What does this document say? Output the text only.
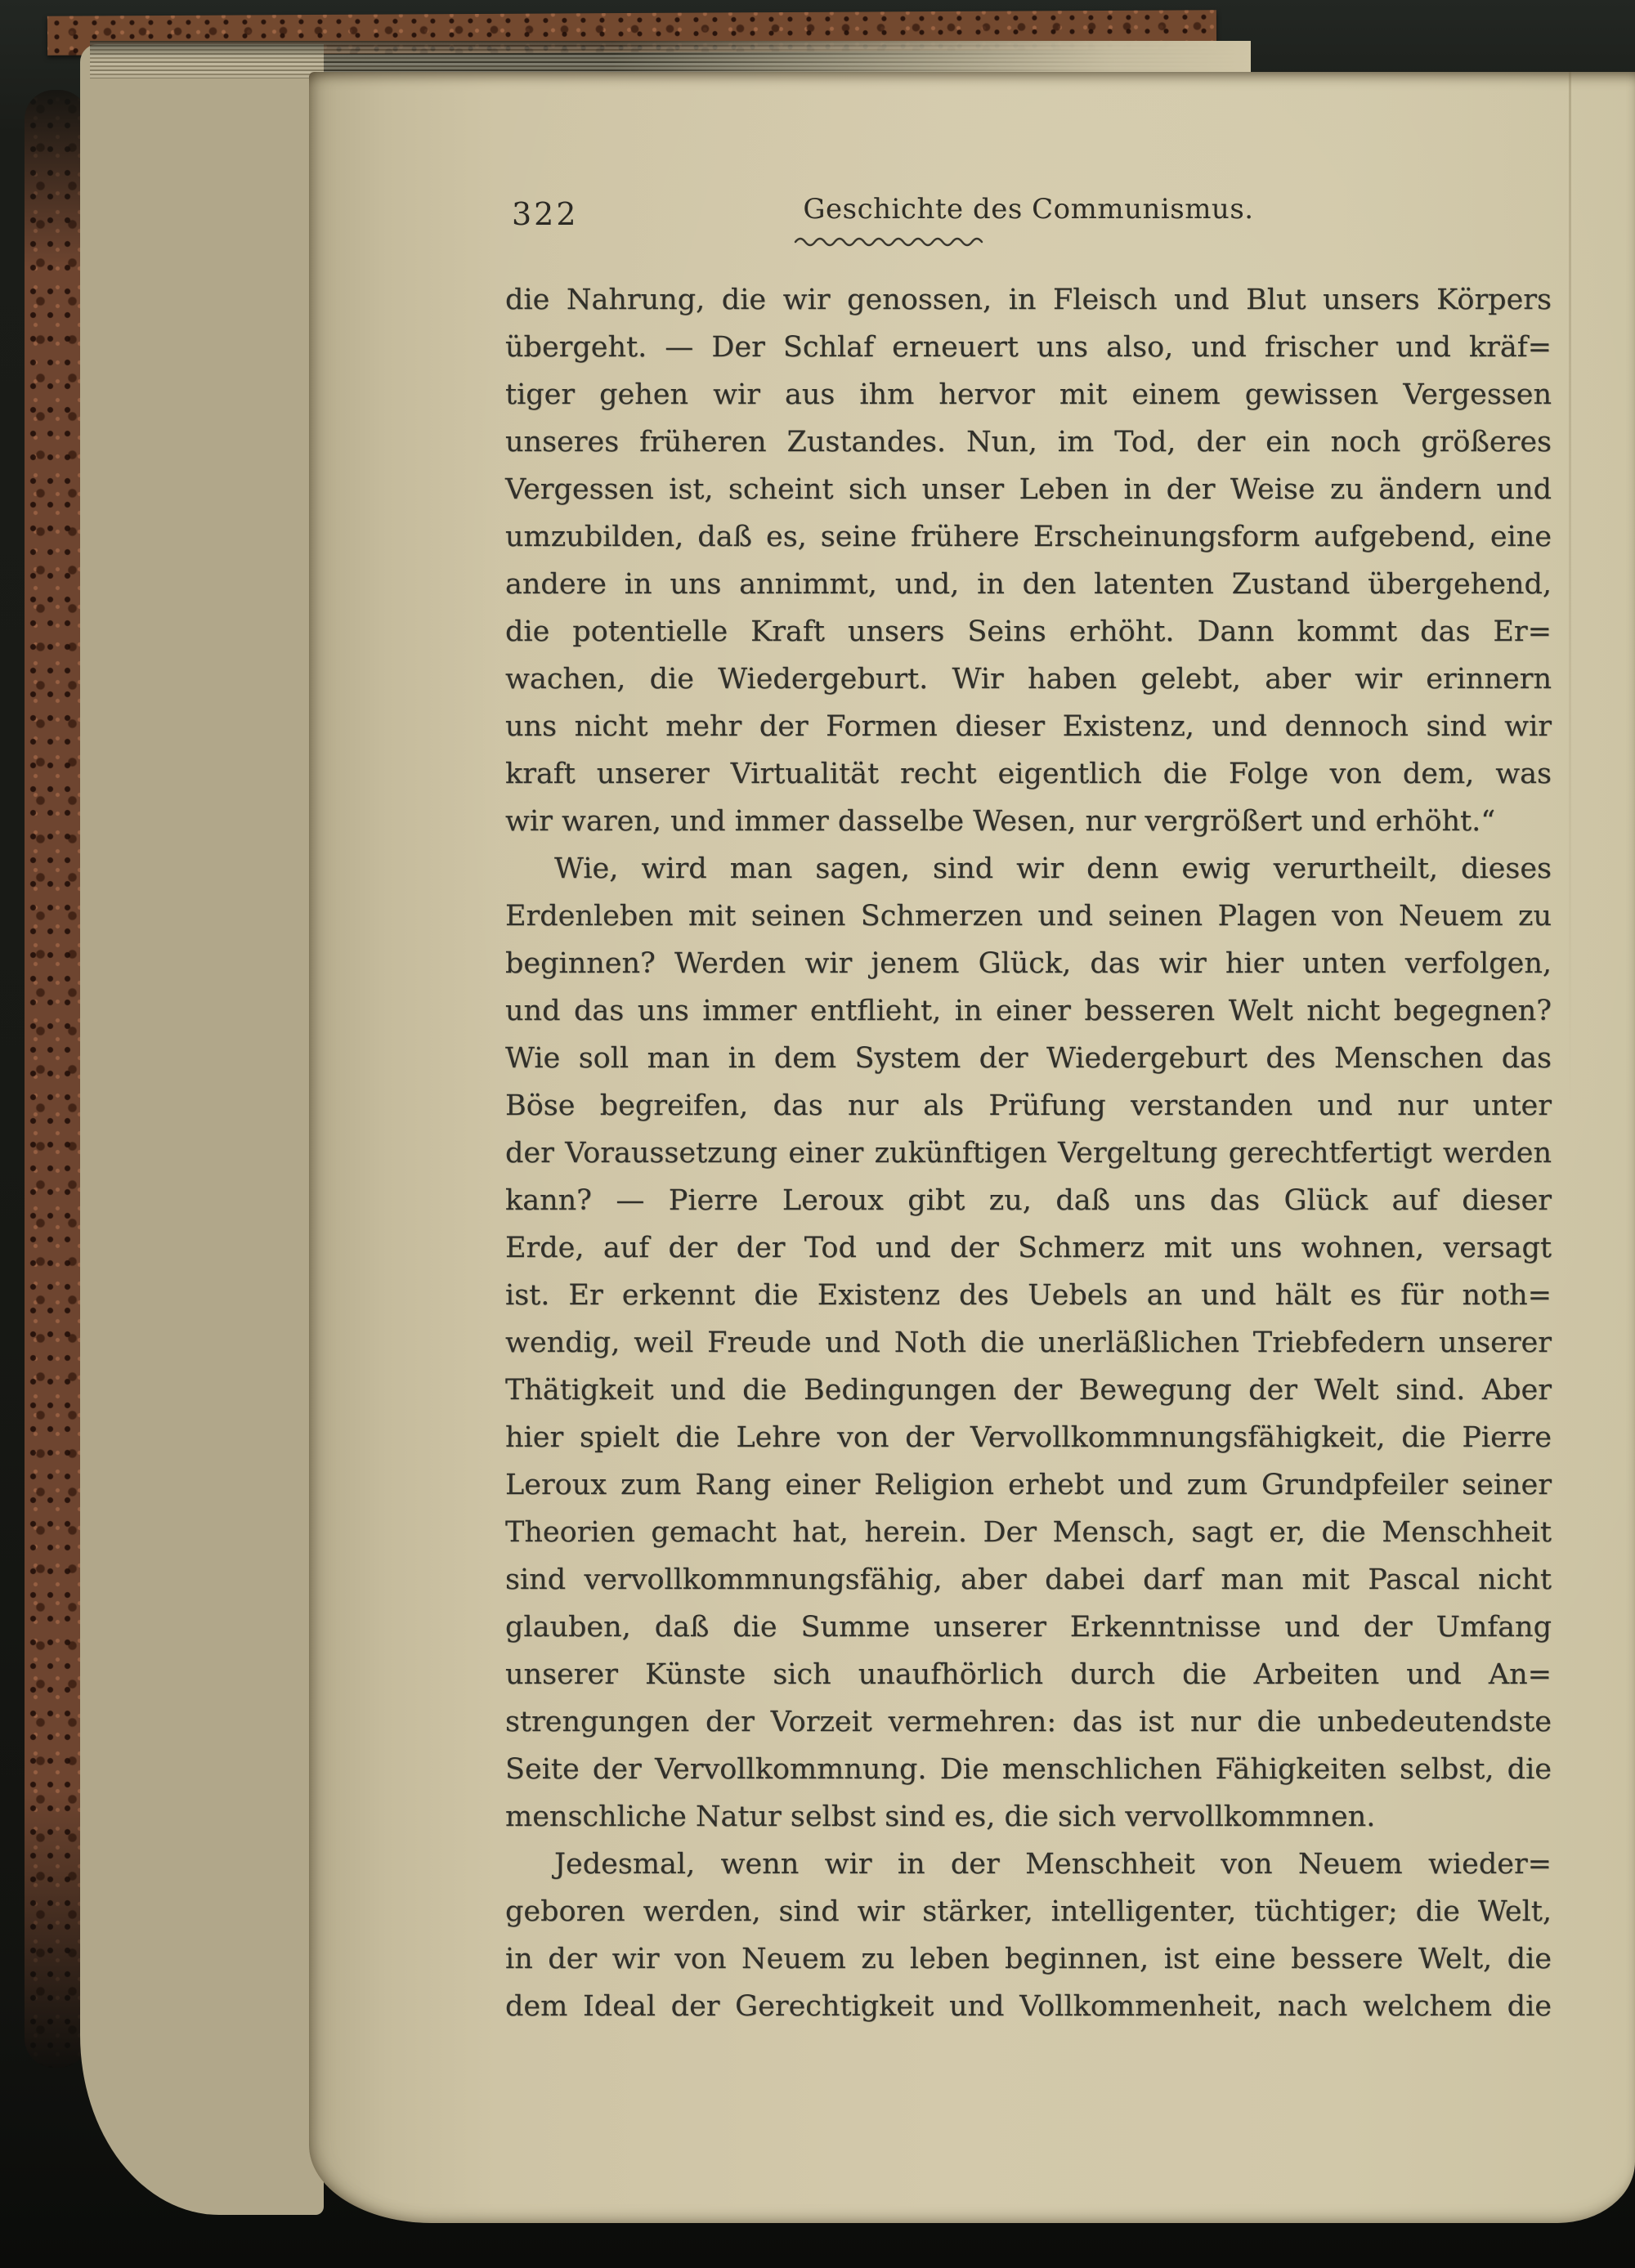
322	Geschichte des Communismus.
die Nahrung, die wir genossen, in Fleisch und Blut unsers Körpers
übergeht. — Der Schlaf erneuert uns also, und frischer und kräf=
tiger gehen wir aus ihm hervor mit einem gewissen Vergessen
unseres früheren Zustandes. Nun, im Tod, der ein noch größeres
Vergessen ist, scheint sich unser Leben in der Weise zu ändern und
umzubilden, daß es, seine frühere Erscheinungsform aufgebend, eine
andere in uns annimmt, und, in den latenten Zustand übergehend,
die potentielle Kraft unsers Seins erhöht. Dann kommt das Er=
wachen, die Wiedergeburt. Wir haben gelebt, aber wir erinnern
uns nicht mehr der Formen dieser Existenz, und dennoch sind wir
kraft unserer Virtualität recht eigentlich die Folge von dem, was
wir waren, und immer dasselbe Wesen, nur vergrößert und erhöht.“
Wie, wird man sagen, sind wir denn ewig verurtheilt, dieses
Erdenleben mit seinen Schmerzen und seinen Plagen von Neuem zu
beginnen? Werden wir jenem Glück, das wir hier unten verfolgen,
und das uns immer entflieht, in einer besseren Welt nicht begegnen?
Wie soll man in dem System der Wiedergeburt des Menschen das
Böse begreifen, das nur als Prüfung verstanden und nur unter
der Voraussetzung einer zukünftigen Vergeltung gerechtfertigt werden
kann? — Pierre Leroux gibt zu, daß uns das Glück auf dieser
Erde, auf der der Tod und der Schmerz mit uns wohnen, versagt
ist. Er erkennt die Existenz des Uebels an und hält es für noth=
wendig, weil Freude und Noth die unerläßlichen Triebfedern unserer
Thätigkeit und die Bedingungen der Bewegung der Welt sind. Aber
hier spielt die Lehre von der Vervollkommnungsfähigkeit, die Pierre
Leroux zum Rang einer Religion erhebt und zum Grundpfeiler seiner
Theorien gemacht hat, herein. Der Mensch, sagt er, die Menschheit
sind vervollkommnungsfähig, aber dabei darf man mit Pascal nicht
glauben, daß die Summe unserer Erkenntnisse und der Umfang
unserer Künste sich unaufhörlich durch die Arbeiten und An=
strengungen der Vorzeit vermehren: das ist nur die unbedeutendste
Seite der Vervollkommnung. Die menschlichen Fähigkeiten selbst, die
menschliche Natur selbst sind es, die sich vervollkommnen.
Jedesmal, wenn wir in der Menschheit von Neuem wieder=
geboren werden, sind wir stärker, intelligenter, tüchtiger; die Welt,
in der wir von Neuem zu leben beginnen, ist eine bessere Welt, die
dem Ideal der Gerechtigkeit und Vollkommenheit, nach welchem die
